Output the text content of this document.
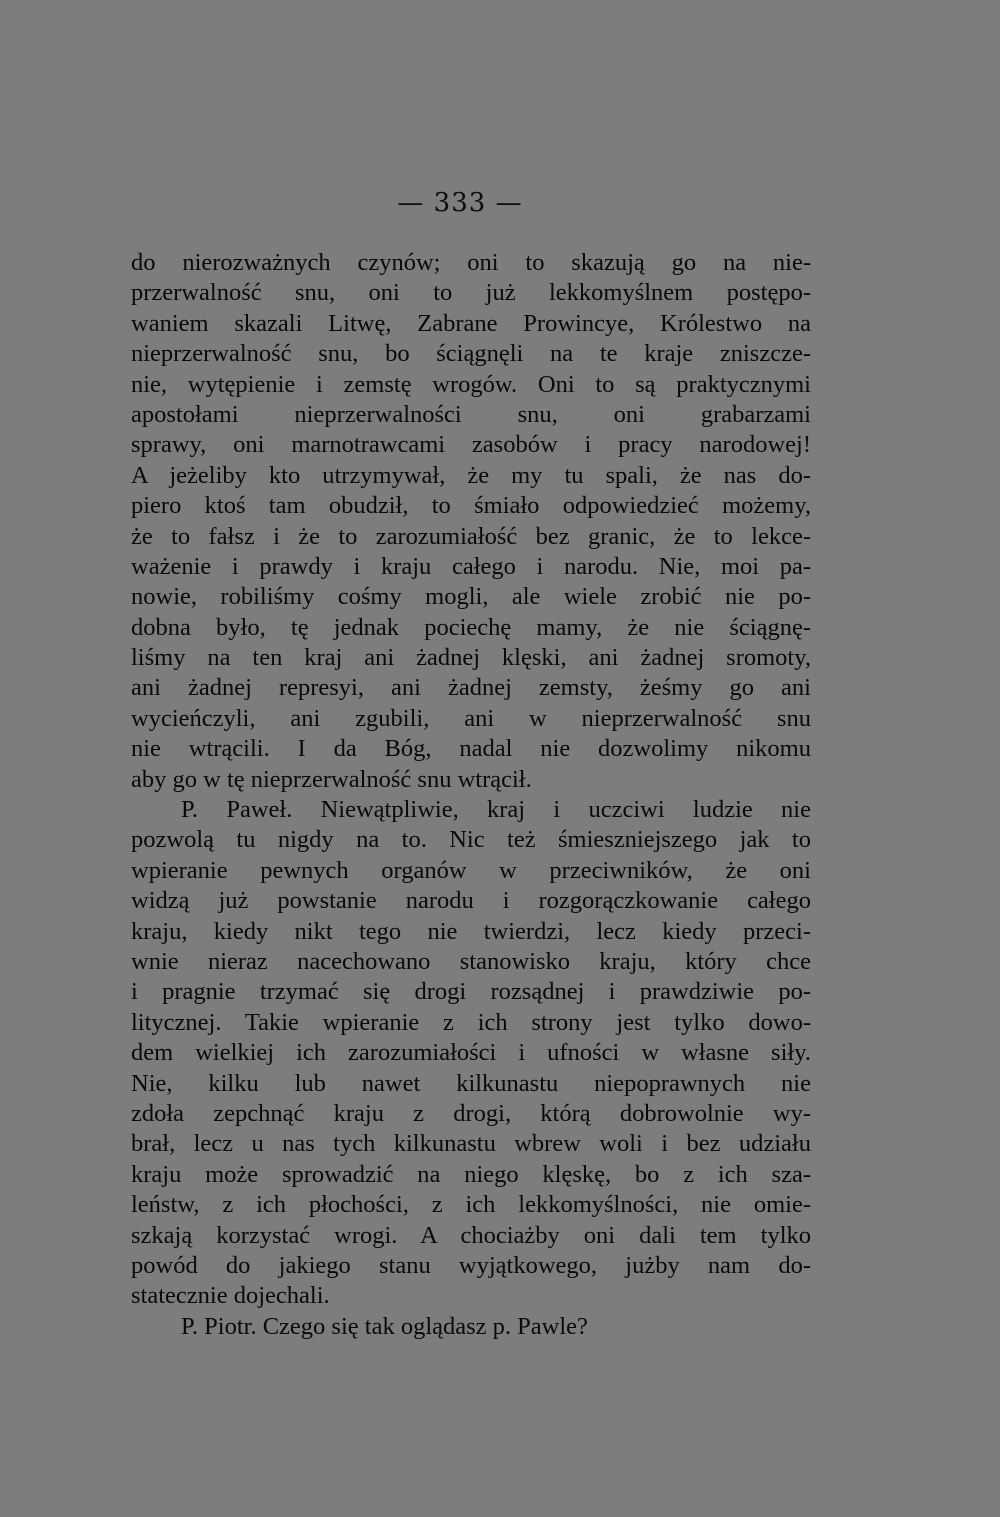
— 333 —
do nierozważnych czynów; oni to skazują go na nie-
przerwalność snu, oni to już lekkomyślnem postępo-
waniem skazali Litwę, Zabrane Prowincye, Królestwo na
nieprzerwalność snu, bo ściągnęli na te kraje zniszcze-
nie, wytępienie i zemstę wrogów. Oni to są praktycznymi
apostołami nieprzerwalności snu, oni grabarzami
sprawy, oni marnotrawcami zasobów i pracy narodowej!
A jeżeliby kto utrzymywał, że my tu spali, że nas do-
piero ktoś tam obudził, to śmiało odpowiedzieć możemy,
że to fałsz i że to zarozumiałość bez granic, że to lekce-
ważenie i prawdy i kraju całego i narodu. Nie, moi pa-
nowie, robiliśmy cośmy mogli, ale wiele zrobić nie po-
dobna było, tę jednak pociechę mamy, że nie ściągnę-
liśmy na ten kraj ani żadnej klęski, ani żadnej sromoty,
ani żadnej represyi, ani żadnej zemsty, żeśmy go ani
wycieńczyli, ani zgubili, ani w nieprzerwalność snu
nie wtrącili. I da Bóg, nadal nie dozwolimy nikomu
aby go w tę nieprzerwalność snu wtrącił.
P. Paweł. Niewątpliwie, kraj i uczciwi ludzie nie
pozwolą tu nigdy na to. Nic też śmieszniejszego jak to
wpieranie pewnych organów w przeciwników, że oni
widzą już powstanie narodu i rozgorączkowanie całego
kraju, kiedy nikt tego nie twierdzi, lecz kiedy przeci-
wnie nieraz nacechowano stanowisko kraju, który chce
i pragnie trzymać się drogi rozsądnej i prawdziwie po-
litycznej. Takie wpieranie z ich strony jest tylko dowo-
dem wielkiej ich zarozumiałości i ufności w własne siły.
Nie, kilku lub nawet kilkunastu niepoprawnych nie
zdoła zepchnąć kraju z drogi, którą dobrowolnie wy-
brał, lecz u nas tych kilkunastu wbrew woli i bez udziału
kraju może sprowadzić na niego klęskę, bo z ich sza-
leństw, z ich płochości, z ich lekkomyślności, nie omie-
szkają korzystać wrogi. A chociażby oni dali tem tylko
powód do jakiego stanu wyjątkowego, jużby nam do-
statecznie dojechali.
P. Piotr. Czego się tak oglądasz p. Pawle?
